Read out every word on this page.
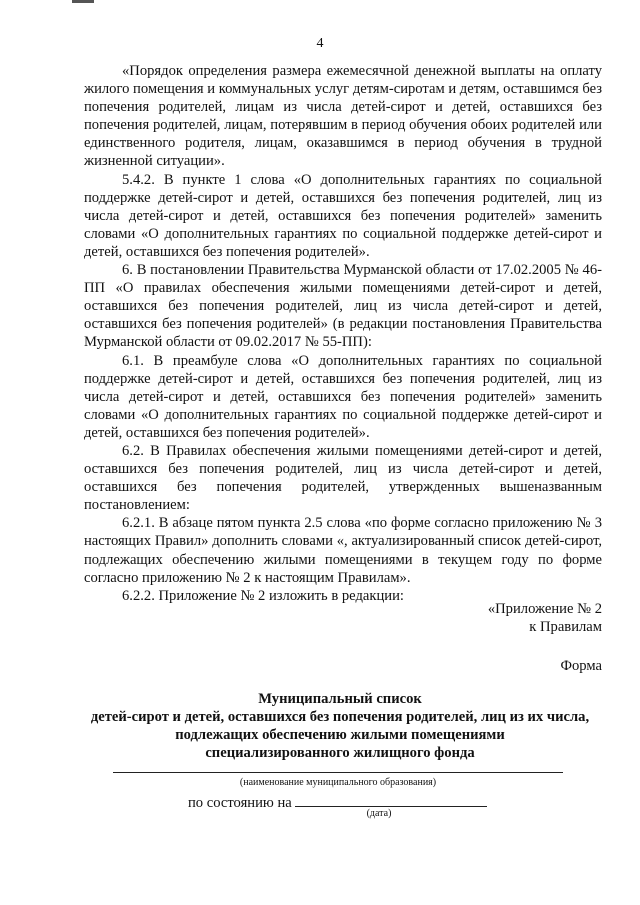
4

«Порядок определения размера ежемесячной денежной выплаты на оплату жилого помещения и коммунальных услуг детям-сиротам и детям, оставшимся без попечения родителей, лицам из числа детей-сирот и детей, оставшихся без попечения родителей, лицам, потерявшим в период обучения обоих родителей или единственного родителя, лицам, оказавшимся в период обучения в трудной жизненной ситуации».

5.4.2. В пункте 1 слова «О дополнительных гарантиях по социальной поддержке детей-сирот и детей, оставшихся без попечения родителей, лиц из числа детей-сирот и детей, оставшихся без попечения родителей» заменить словами «О дополнительных гарантиях по социальной поддержке детей-сирот и детей, оставшихся без попечения родителей».

6. В постановлении Правительства Мурманской области от 17.02.2005 № 46-ПП «О правилах обеспечения жилыми помещениями детей-сирот и детей, оставшихся без попечения родителей, лиц из числа детей-сирот и детей, оставшихся без попечения родителей» (в редакции постановления Правительства Мурманской области от 09.02.2017 № 55-ПП):

6.1. В преамбуле слова «О дополнительных гарантиях по социальной поддержке детей-сирот и детей, оставшихся без попечения родителей, лиц из числа детей-сирот и детей, оставшихся без попечения родителей» заменить словами «О дополнительных гарантиях по социальной поддержке детей-сирот и детей, оставшихся без попечения родителей».

6.2. В Правилах обеспечения жилыми помещениями детей-сирот и детей, оставшихся без попечения родителей, лиц из числа детей-сирот и детей, оставшихся без попечения родителей, утвержденных вышеназванным постановлением:

6.2.1. В абзаце пятом пункта 2.5 слова «по форме согласно приложению № 3 настоящих Правил» дополнить словами «, актуализированный список детей-сирот, подлежащих обеспечению жилыми помещениями в текущем году по форме согласно приложению № 2 к настоящим Правилам».

6.2.2. Приложение № 2 изложить в редакции:

«Приложение № 2
к Правилам
Форма
Муниципальный список
детей-сирот и детей, оставшихся без попечения родителей, лиц из их числа,
подлежащих обеспечению жилыми помещениями
специализированного жилищного фонда
(наименование муниципального образования)
по состоянию на
(дата)
